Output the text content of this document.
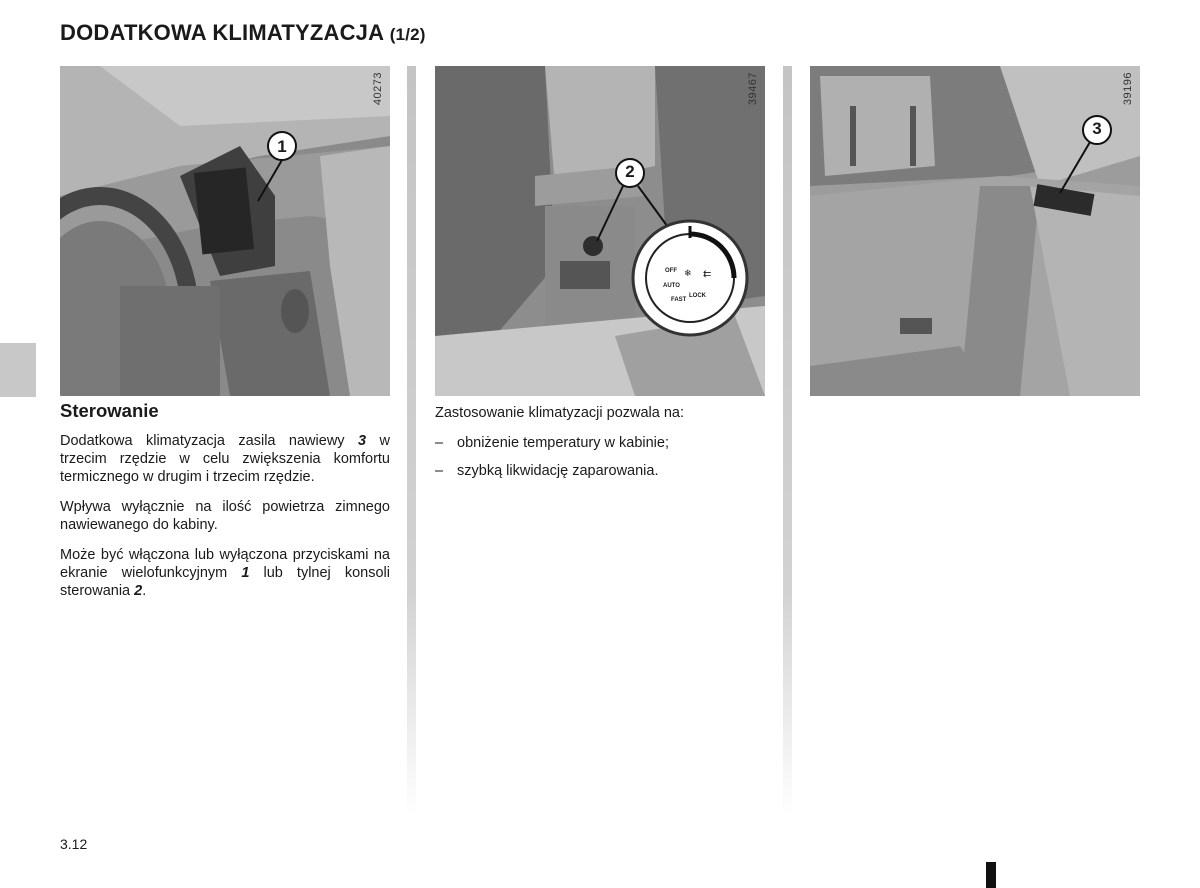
DODATKOWA KLIMATYZACJA (1/2)
40273
1
39467
2
OFF
AUTO
FAST
LOCK
❄ ⇇
39196
3
Sterowanie

Dodatkowa klimatyzacja zasila nawiewy 3 w trzecim rzędzie w celu zwiększenia komfortu termicznego w drugim i trzecim rzędzie.

Wpływa wyłącznie na ilość powietrza zimnego nawiewanego do kabiny.

Może być włączona lub wyłączona przyciskami na ekranie wielofunkcyjnym 1 lub tylnej konsoli sterowania 2.

Zastosowanie klimatyzacji pozwala na:

– obniżenie temperatury w kabinie;
– szybką likwidację zaparowania.
3.12
